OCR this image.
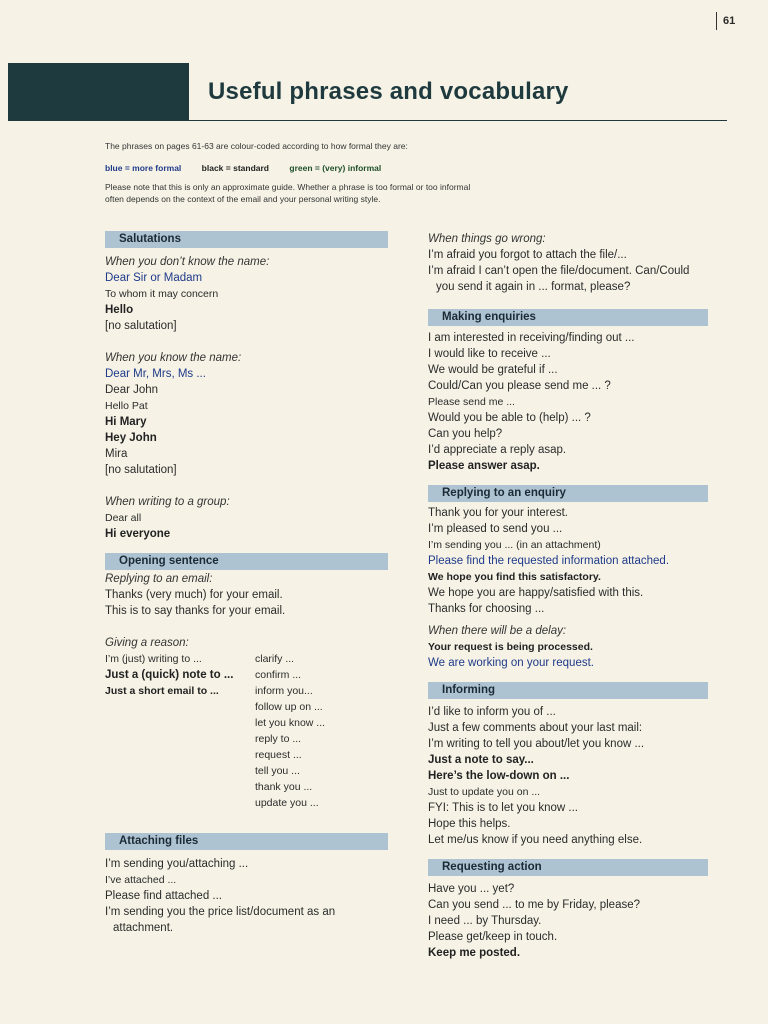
61
Useful phrases and vocabulary
The phrases on pages 61-63 are colour-coded according to how formal they are:
blue = more formal black = standard green = (very) informal
Please note that this is only an approximate guide. Whether a phrase is too formal or too informal
often depends on the context of the email and your personal writing style.
Salutations
When you don’t know the name:
Dear Sir or Madam
To whom it may concern
Hello
[no salutation]
When you know the name:
Dear Mr, Mrs, Ms ...
Dear John
Hello Pat
Hi Mary
Hey John
Mira
[no salutation]
When writing to a group:
Dear all
Hi everyone
Opening sentence
Replying to an email:
Thanks (very much) for your email.
This is to say thanks for your email.
Giving a reason:
I’m (just) writing to ...
Just a (quick) note to ...
Just a short email to ...
clarify ...
confirm ...
inform you...
follow up on ...
let you know ...
reply to ...
request ...
tell you ...
thank you ...
update you ...
Attaching files
I’m sending you/attaching ...
I’ve attached ...
Please find attached ...
I’m sending you the price list/document as an
attachment.
When things go wrong:
I’m afraid you forgot to attach the file/...
I’m afraid I can’t open the file/document. Can/Could
you send it again in ... format, please?
Making enquiries
I am interested in receiving/finding out ...
I would like to receive ...
We would be grateful if ...
Could/Can you please send me ... ?
Please send me ...
Would you be able to (help) ... ?
Can you help?
I’d appreciate a reply asap.
Please answer asap.
Replying to an enquiry
Thank you for your interest.
I’m pleased to send you ...
I’m sending you ... (in an attachment)
Please find the requested information attached.
We hope you find this satisfactory.
We hope you are happy/satisfied with this.
Thanks for choosing ...
When there will be a delay:
Your request is being processed.
We are working on your request.
Informing
I’d like to inform you of ...
Just a few comments about your last mail:
I’m writing to tell you about/let you know ...
Just a note to say...
Here’s the low-down on ...
Just to update you on ...
FYI: This is to let you know ...
Hope this helps.
Let me/us know if you need anything else.
Requesting action
Have you ... yet?
Can you send ... to me by Friday, please?
I need ... by Thursday.
Please get/keep in touch.
Keep me posted.
